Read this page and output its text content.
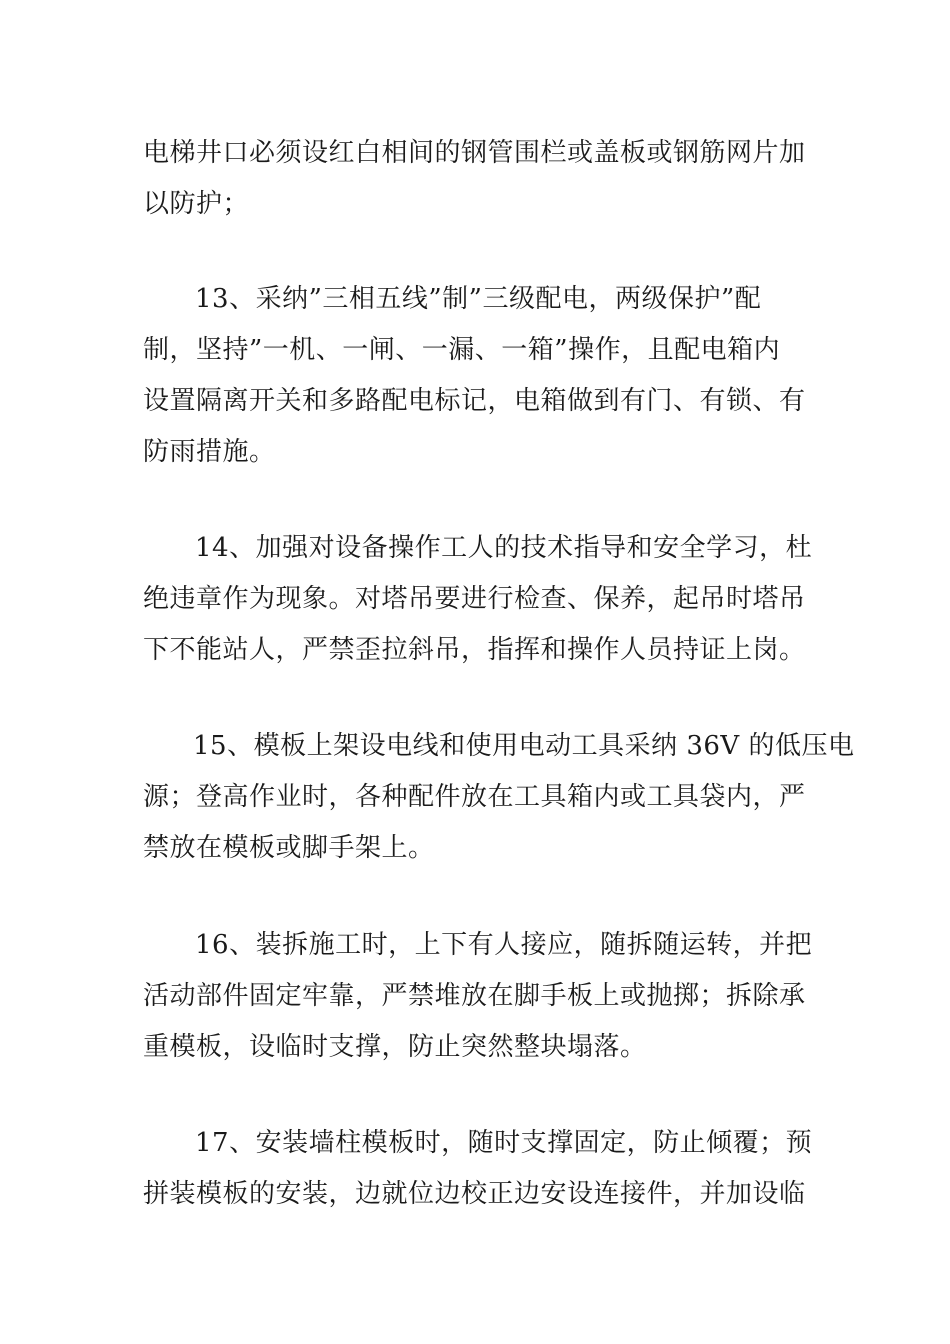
电梯井口必须设红白相间的钢管围栏或盖板或钢筋网片加
以防护；
13、采纳”三相五线”制”三级配电，两级保护”配
制，坚持”一机、一闸、一漏、一箱”操作，且配电箱内
设置隔离开关和多路配电标记，电箱做到有门、有锁、有
防雨措施。
14、加强对设备操作工人的技术指导和安全学习，杜
绝违章作为现象。对塔吊要进行检查、保养，起吊时塔吊
下不能站人，严禁歪拉斜吊，指挥和操作人员持证上岗。
15、模板上架设电线和使用电动工具采纳 36V 的低压电
源；登高作业时，各种配件放在工具箱内或工具袋内，严
禁放在模板或脚手架上。
16、装拆施工时，上下有人接应，随拆随运转，并把
活动部件固定牢靠，严禁堆放在脚手板上或抛掷；拆除承
重模板，设临时支撑，防止突然整块塌落。
17、安装墙柱模板时，随时支撑固定，防止倾覆；预
拼装模板的安装，边就位边校正边安设连接件，并加设临
